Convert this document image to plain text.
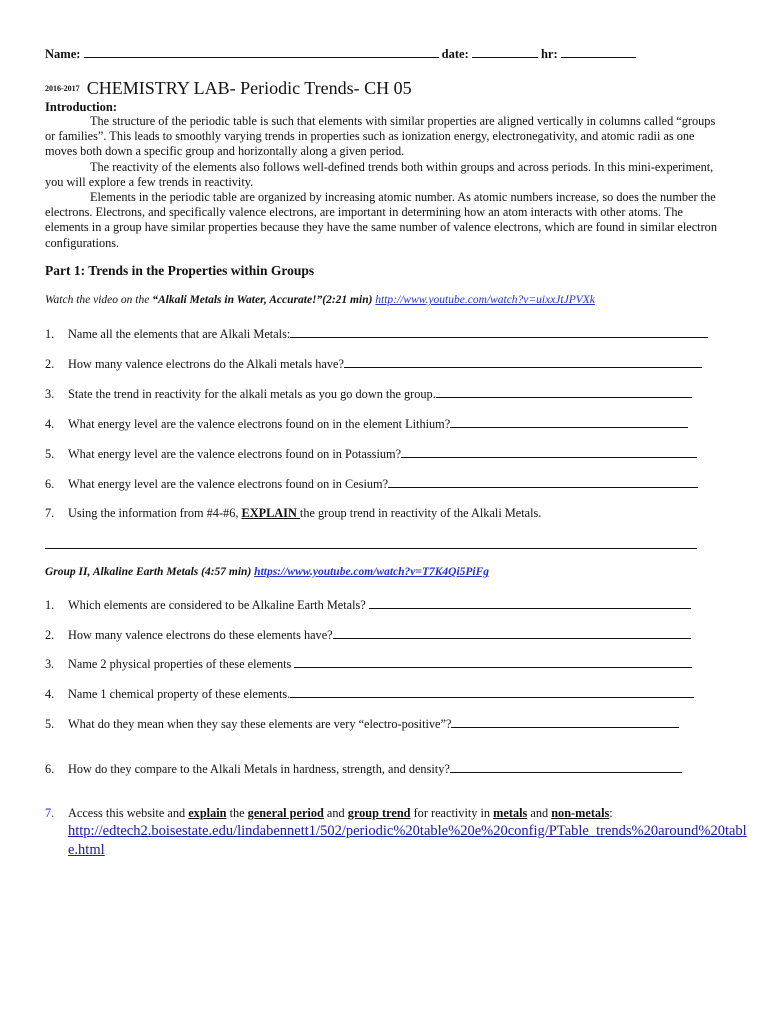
Name:	date:	hr:
$^{2016-2017}$ CHEMISTRY LAB- Periodic Trends- CH 05
Introduction:

The structure of the periodic table is such that elements with similar properties are aligned vertically in columns called “groups or families”. This leads to smoothly varying trends in properties such as ionization energy, electronegativity, and atomic radii as one moves both down a specific group and horizontally along a given period.

The reactivity of the elements also follows well-defined trends both within groups and across periods. In this mini-experiment, you will explore a few trends in reactivity.

Elements in the periodic table are organized by increasing atomic number. As atomic numbers increase, so does the number the electrons. Electrons, and specifically valence electrons, are important in determining how an atom interacts with other atoms. The elements in a group have similar properties because they have the same number of valence electrons, which are found in similar electron configurations.

Part 1: Trends in the Properties within Groups
Watch the video on the “Alkali Metals in Water, Accurate!”(2:21 min) http://www.youtube.com/watch?v=uixxJtJPVXk
1. Name all the elements that are Alkali Metals:
2. How many valence electrons do the Alkali metals have?
3. State the trend in reactivity for the alkali metals as you go down the group.
4. What energy level are the valence electrons found on in the element Lithium?
5. What energy level are the valence electrons found on in Potassium?
6. What energy level are the valence electrons found on in Cesium?
7. Using the information from #4-#6, EXPLAIN the group trend in reactivity of the Alkali Metals.
Group II, Alkaline Earth Metals (4:57 min) https://www.youtube.com/watch?v=T7K4Qi5PiFg
1. Which elements are considered to be Alkaline Earth Metals?
2. How many valence electrons do these elements have?
3. Name 2 physical properties of these elements
4. Name 1 chemical property of these elements.
5. What do they mean when they say these elements are very “electro-positive”?
6. How do they compare to the Alkali Metals in hardness, strength, and density?
7. Access this website and explain the general period and group trend for reactivity in metals and non-metals:
http://edtech2.boisestate.edu/lindabennett1/502/periodic%20table%20e%20config/PTable_trends%20around%20table.html
